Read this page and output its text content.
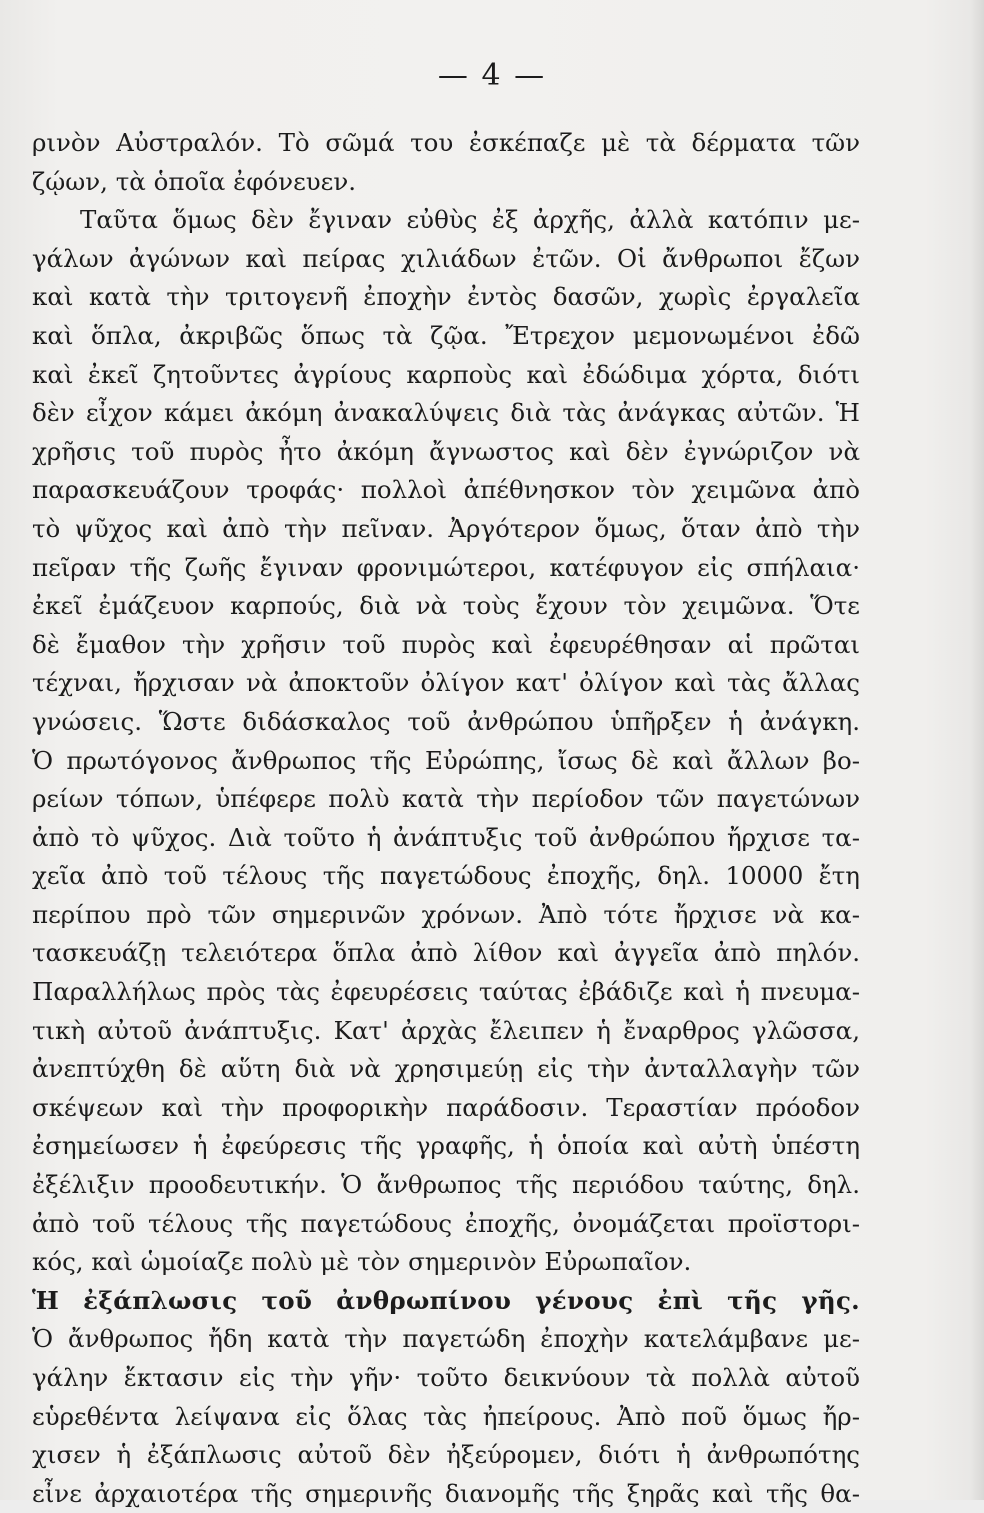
— 4 —
ρινὸν Αὐστραλόν. Τὸ σῶμά του ἐσκέπαζε μὲ τὰ δέρματα τῶν
ζῴων, τὰ ὁποῖα ἐφόνευεν.
Ταῦτα ὅμως δὲν ἔγιναν εὐθὺς ἐξ ἀρχῆς, ἀλλὰ κατόπιν με-
γάλων ἀγώνων καὶ πείρας χιλιάδων ἐτῶν. Οἱ ἄνθρωποι ἔζων
καὶ κατὰ τὴν τριτογενῆ ἐποχὴν ἐντὸς δασῶν, χωρὶς ἐργαλεῖα
καὶ ὅπλα, ἀκριβῶς ὅπως τὰ ζῷα. Ἔτρεχον μεμονωμένοι ἐδῶ
καὶ ἐκεῖ ζητοῦντες ἀγρίους καρποὺς καὶ ἐδώδιμα χόρτα, διότι
δὲν εἶχον κάμει ἀκόμη ἀνακαλύψεις διὰ τὰς ἀνάγκας αὐτῶν. Ἡ
χρῆσις τοῦ πυρὸς ἦτο ἀκόμη ἄγνωστος καὶ δὲν ἐγνώριζον νὰ
παρασκευάζουν τροφάς· πολλοὶ ἀπέθνησκον τὸν χειμῶνα ἀπὸ
τὸ ψῦχος καὶ ἀπὸ τὴν πεῖναν. Ἀργότερον ὅμως, ὅταν ἀπὸ τὴν
πεῖραν τῆς ζωῆς ἔγιναν φρονιμώτεροι, κατέφυγον εἰς σπήλαια·
ἐκεῖ ἐμάζευον καρπούς, διὰ νὰ τοὺς ἔχουν τὸν χειμῶνα. Ὅτε
δὲ ἔμαθον τὴν χρῆσιν τοῦ πυρὸς καὶ ἐφευρέθησαν αἱ πρῶται
τέχναι, ἤρχισαν νὰ ἀποκτοῦν ὀλίγον κατ' ὀλίγον καὶ τὰς ἄλλας
γνώσεις. Ὥστε διδάσκαλος τοῦ ἀνθρώπου ὑπῆρξεν ἡ ἀνάγκη.
Ὁ πρωτόγονος ἄνθρωπος τῆς Εὐρώπης, ἴσως δὲ καὶ ἄλλων βο-
ρείων τόπων, ὑπέφερε πολὺ κατὰ τὴν περίοδον τῶν παγετώνων
ἀπὸ τὸ ψῦχος. Διὰ τοῦτο ἡ ἀνάπτυξις τοῦ ἀνθρώπου ἤρχισε τα-
χεῖα ἀπὸ τοῦ τέλους τῆς παγετώδους ἐποχῆς, δηλ. 10000 ἔτη
περίπου πρὸ τῶν σημερινῶν χρόνων. Ἀπὸ τότε ἤρχισε νὰ κα-
τασκευάζῃ τελειότερα ὅπλα ἀπὸ λίθον καὶ ἀγγεῖα ἀπὸ πηλόν.
Παραλλήλως πρὸς τὰς ἐφευρέσεις ταύτας ἐβάδιζε καὶ ἡ πνευμα-
τικὴ αὐτοῦ ἀνάπτυξις. Κατ' ἀρχὰς ἔλειπεν ἡ ἔναρθρος γλῶσσα,
ἀνεπτύχθη δὲ αὕτη διὰ νὰ χρησιμεύῃ εἰς τὴν ἀνταλλαγὴν τῶν
σκέψεων καὶ τὴν προφορικὴν παράδοσιν. Τεραστίαν πρόοδον
ἐσημείωσεν ἡ ἐφεύρεσις τῆς γραφῆς, ἡ ὁποία καὶ αὐτὴ ὑπέστη
ἐξέλιξιν προοδευτικήν. Ὁ ἄνθρωπος τῆς περιόδου ταύτης, δηλ.
ἀπὸ τοῦ τέλους τῆς παγετώδους ἐποχῆς, ὀνομάζεται προϊστορι-
κός, καὶ ὡμοίαζε πολὺ μὲ τὸν σημερινὸν Εὐρωπαῖον.
Ἡ ἐξάπλωσις τοῦ ἀνθρωπίνου γένους ἐπὶ τῆς γῆς.
Ὁ ἄνθρωπος ἤδη κατὰ τὴν παγετώδη ἐποχὴν κατελάμβανε με-
γάλην ἔκτασιν εἰς τὴν γῆν· τοῦτο δεικνύουν τὰ πολλὰ αὐτοῦ
εὑρεθέντα λείψανα εἰς ὅλας τὰς ἠπείρους. Ἀπὸ ποῦ ὅμως ἤρ-
χισεν ἡ ἐξάπλωσις αὐτοῦ δὲν ἠξεύρομεν, διότι ἡ ἀνθρωπότης
εἶνε ἀρχαιοτέρα τῆς σημερινῆς διανομῆς τῆς ξηρᾶς καὶ τῆς θα-
